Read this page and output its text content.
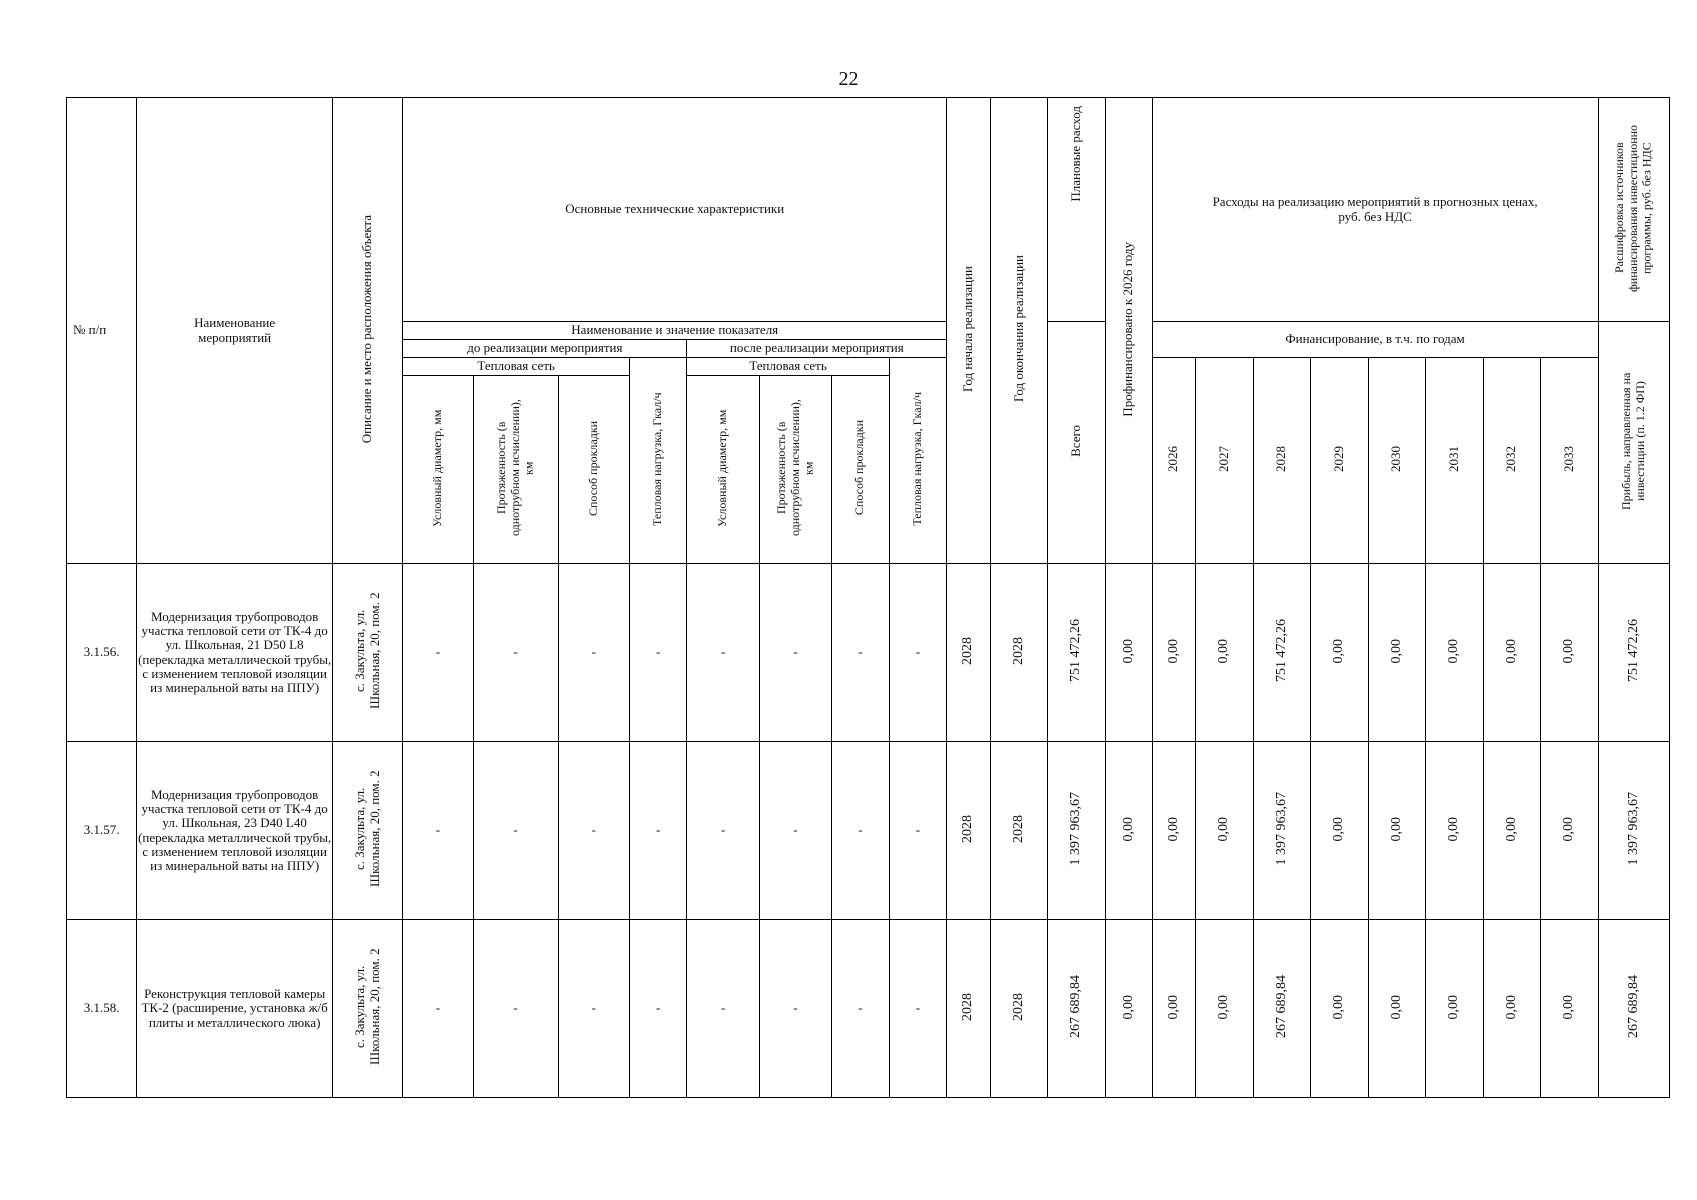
22
№ п/п	Наименование мероприятий	Описание и место расположения объекта	Основные технические характеристики								Год начала реализации	Год окончания реализации	Плановые расход	Профинансировано к 2026 году	Расходы на реализацию мероприятий в прогнозных ценах, руб. без НДС								Расшифровка источников финансирования инвестиционно программы, руб. без НДС
			Наименование и значение показателя										Всего		Финансирование, в т.ч. по годам								Прибыль, направленная на инвестиции (п. 1.2 ФП)
			до реализации мероприятия				после реализации мероприятия																
			Тепловая сеть			Тепловая нагрузка, Гкал/ч	Тепловая сеть			Тепловая нагрузка, Гкал/ч					2026	2027	2028	2029	2030	2031	2032	2033	
			Условный диаметр, мм	Протяженность (в однотрубном исчислении), км	Способ прокладки		Условный диаметр, мм	Протяженность (в однотрубном исчислении), км	Способ прокладки														
3.1.56.	Модернизация трубопроводов участка тепловой сети от ТК-4 до ул. Школьная, 21 D50 L8 (перекладка металлической трубы, с изменением тепловой изоляции из минеральной ваты на ППУ)	с. Закульта, ул. Школьная, 20, пом. 2	-	-	-	-	-	-	-	-	2028	2028	751 472,26	0,00	0,00	0,00	751 472,26	0,00	0,00	0,00	0,00	0,00	751 472,26
3.1.57.	Модернизация трубопроводов участка тепловой сети от ТК-4 до ул. Школьная, 23 D40 L40 (перекладка металлической трубы, с изменением тепловой изоляции из минеральной ваты на ППУ)	с. Закульта, ул. Школьная, 20, пом. 2	-	-	-	-	-	-	-	-	2028	2028	1 397 963,67	0,00	0,00	0,00	1 397 963,67	0,00	0,00	0,00	0,00	0,00	1 397 963,67
3.1.58.	Реконструкция тепловой камеры ТК-2 (расширение, установка ж/б плиты и металлического люка)	с. Закульта, ул. Школьная, 20, пом. 2	-	-	-	-	-	-	-	-	2028	2028	267 689,84	0,00	0,00	0,00	267 689,84	0,00	0,00	0,00	0,00	0,00	267 689,84
